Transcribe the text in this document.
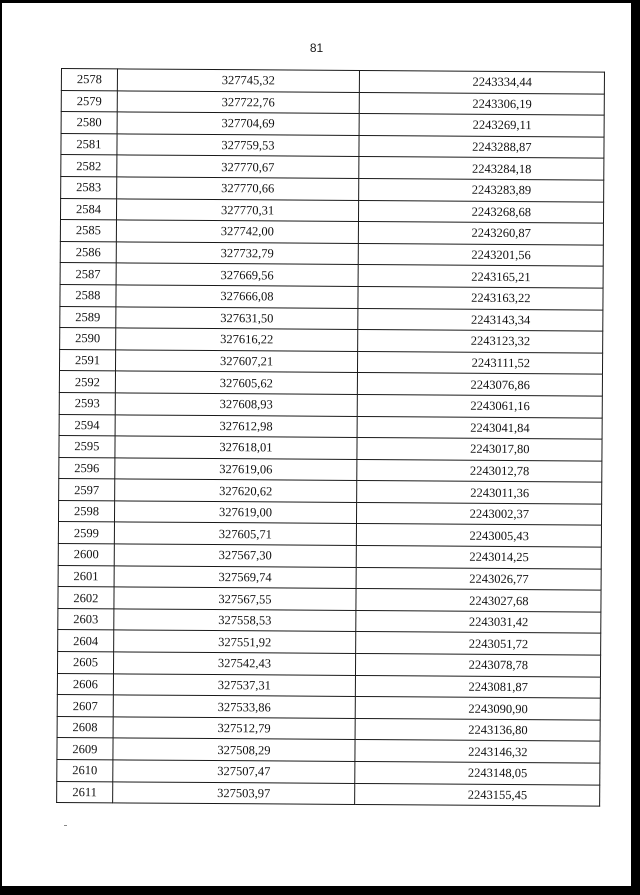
81
2578	327745,32	2243334,44
2579	327722,76	2243306,19
2580	327704,69	2243269,11
2581	327759,53	2243288,87
2582	327770,67	2243284,18
2583	327770,66	2243283,89
2584	327770,31	2243268,68
2585	327742,00	2243260,87
2586	327732,79	2243201,56
2587	327669,56	2243165,21
2588	327666,08	2243163,22
2589	327631,50	2243143,34
2590	327616,22	2243123,32
2591	327607,21	2243111,52
2592	327605,62	2243076,86
2593	327608,93	2243061,16
2594	327612,98	2243041,84
2595	327618,01	2243017,80
2596	327619,06	2243012,78
2597	327620,62	2243011,36
2598	327619,00	2243002,37
2599	327605,71	2243005,43
2600	327567,30	2243014,25
2601	327569,74	2243026,77
2602	327567,55	2243027,68
2603	327558,53	2243031,42
2604	327551,92	2243051,72
2605	327542,43	2243078,78
2606	327537,31	2243081,87
2607	327533,86	2243090,90
2608	327512,79	2243136,80
2609	327508,29	2243146,32
2610	327507,47	2243148,05
2611	327503,97	2243155,45
